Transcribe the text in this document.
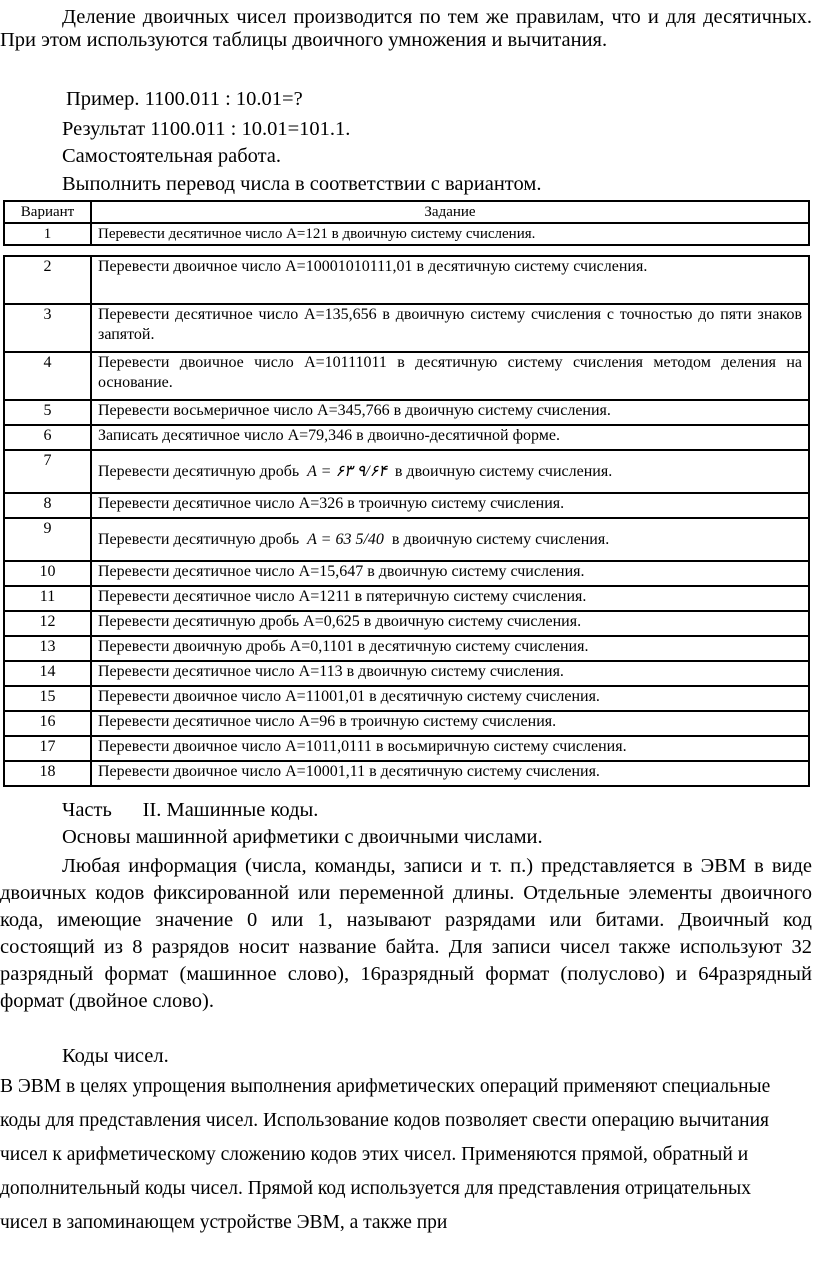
Деление двоичных чисел производится по тем же правилам, что и для десятичных. При этом используются таблицы двоичного умножения и вычитания.
Пример. 1100.011 : 10.01=?
Результат 1100.011 : 10.01=101.1.
Самостоятельная работа.
Выполнить перевод числа в соответствии с вариантом.
Вариант	Задание
1	Перевести десятичное число A=121 в двоичную систему счисления.
2	Перевести двоичное число A=10001010111,01 в десятичную систему счисления.
3	Перевести десятичное число A=135,656 в двоичную систему счисления с точностью до пяти знаков запятой.
4	Перевести двоичное число A=10111011 в десятичную систему счисления методом деления на основание.
5	Перевести восьмеричное число A=345,766 в двоичную систему счисления.
6	Записать десятичное число A=79,346 в двоично-десятичной форме.
7	Перевести десятичную дробь A = ۶۳ ۹/۶۴ в двоичную систему счисления.
8	Перевести десятичное число A=326 в троичную систему счисления.
9	Перевести десятичную дробь A = 63 5/40 в двоичную систему счисления.
10	Перевести десятичное число A=15,647 в двоичную систему счисления.
11	Перевести десятичное число A=1211 в пятеричную систему счисления.
12	Перевести десятичную дробь A=0,625 в двоичную систему счисления.
13	Перевести двоичную дробь A=0,1101 в десятичную систему счисления.
14	Перевести десятичное число A=113 в двоичную систему счисления.
15	Перевести двоичное число A=11001,01 в десятичную систему счисления.
16	Перевести десятичное число A=96 в троичную систему счисления.
17	Перевести двоичное число A=1011,0111 в восьмиричную систему счисления.
18	Перевести двоичное число A=10001,11 в десятичную систему счисления.
Часть      II. Машинные коды.
Основы машинной арифметики с двоичными числами.
Любая информация (числа, команды, записи и т. п.) представляется в ЭВМ в виде двоичных кодов фиксированной или переменной длины. Отдельные элементы двоичного кода, имеющие значение 0 или 1, называют разрядами или битами. Двоичный код состоящий из 8 разрядов носит название байта. Для записи чисел также используют 32 разрядный формат (машинное слово), 16разрядный формат (полуслово) и 64разрядный формат (двойное слово).
Коды чисел.
В ЭВМ в целях упрощения выполнения арифметических операций применяют специальные коды для представления чисел. Использование кодов позволяет свести операцию вычитания чисел к арифметическому сложению кодов этих чисел. Применяются прямой, обратный и дополнительный коды чисел. Прямой код используется для представления отрицательных чисел в запоминающем устройстве ЭВМ, а также при
